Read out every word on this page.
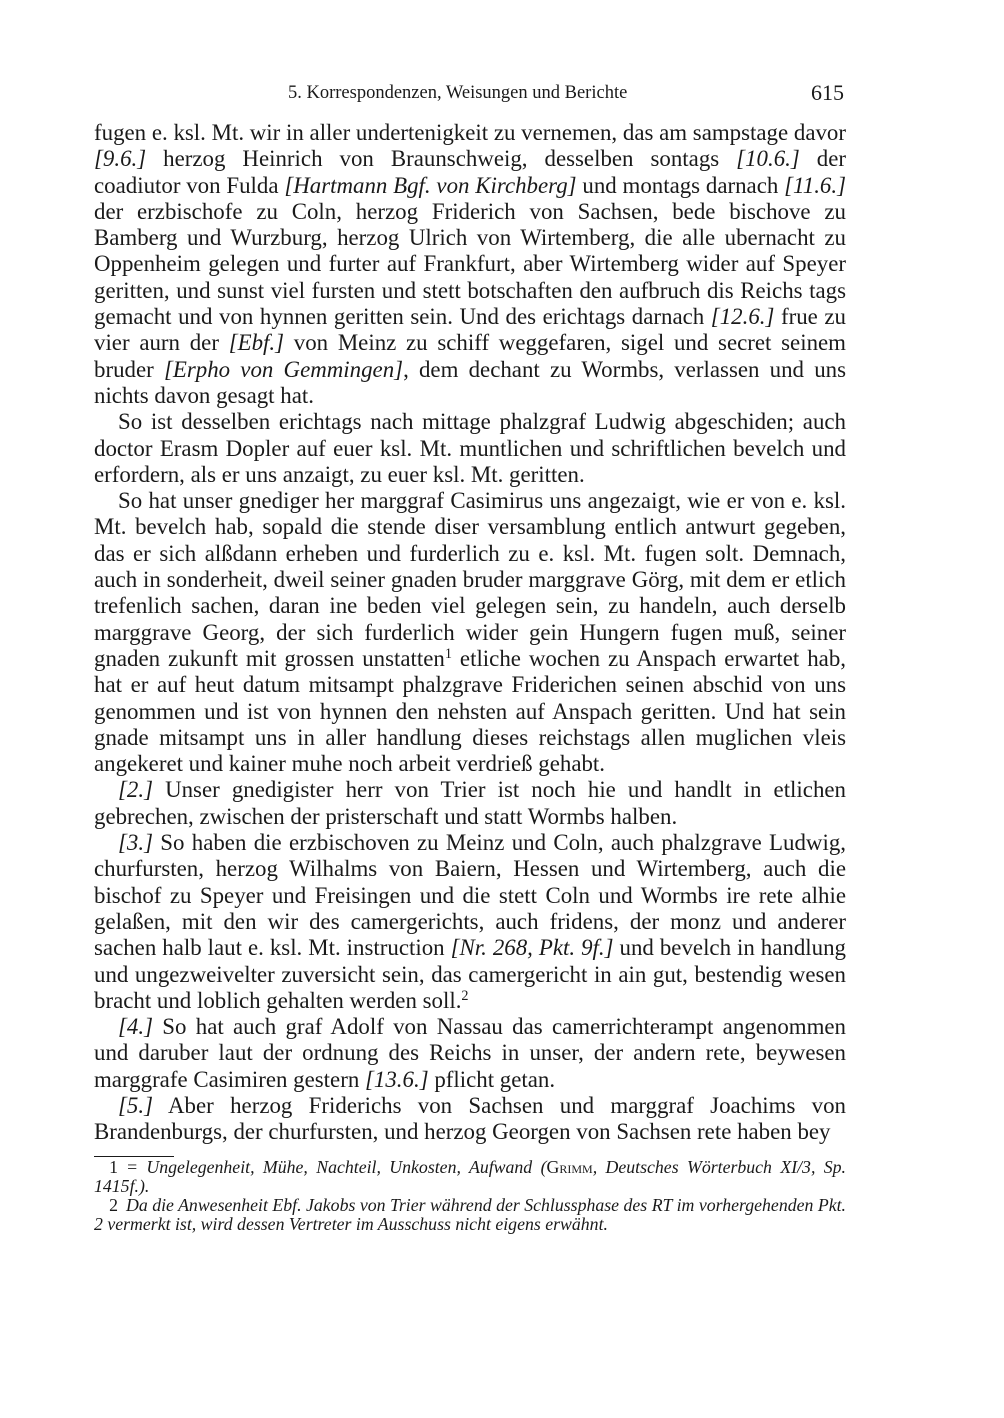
5. Korrespondenzen, Weisungen und Berichte	615

fugen e. ksl. Mt. wir in aller undertenigkeit zu vernemen, das am sampstage davor [9.6.] herzog Heinrich von Braunschweig, desselben sontags [10.6.] der coadiutor von Fulda [Hartmann Bgf. von Kirchberg] und montags darnach [11.6.] der erzbischofe zu Coln, herzog Friderich von Sachsen, bede bischove zu Bamberg und Wurzburg, herzog Ulrich von Wirtemberg, die alle ubernacht zu Oppenheim gelegen und furter auf Frankfurt, aber Wirtemberg wider auf Speyer geritten, und sunst viel fursten und stett botschaften den aufbruch dis Reichs tags gemacht und von hynnen geritten sein. Und des erichtags darnach [12.6.] frue zu vier aurn der [Ebf.] von Meinz zu schiff weggefaren, sigel und secret seinem bruder [Erpho von Gemmingen], dem dechant zu Wormbs, verlassen und uns nichts davon gesagt hat.

So ist desselben erichtags nach mittage phalzgraf Ludwig abgeschiden; auch doctor Erasm Dopler auf euer ksl. Mt. muntlichen und schriftlichen bevelch und erfordern, als er uns anzaigt, zu euer ksl. Mt. geritten.

So hat unser gnediger her marggraf Casimirus uns angezaigt, wie er von e. ksl. Mt. bevelch hab, sopald die stende diser versamblung entlich antwurt gegeben, das er sich alßdann erheben und furderlich zu e. ksl. Mt. fugen solt. Demnach, auch in sonderheit, dweil seiner gnaden bruder marggrave Görg, mit dem er etlich trefenlich sachen, daran ine beden viel gelegen sein, zu handeln, auch derselb marggrave Georg, der sich furderlich wider gein Hungern fugen muß, seiner gnaden zukunft mit grossen unstatten$^1$ etliche wochen zu Anspach erwartet hab, hat er auf heut datum mitsampt phalzgrave Friderichen seinen abschid von uns genommen und ist von hynnen den nehsten auf Anspach geritten. Und hat sein gnade mitsampt uns in aller handlung dieses reichstags allen muglichen vleis angekeret und kainer muhe noch arbeit verdrieß gehabt.

[2.] Unser gnedigister herr von Trier ist noch hie und handlt in etlichen gebrechen, zwischen der pristerschaft und statt Wormbs halben.

[3.] So haben die erzbischoven zu Meinz und Coln, auch phalzgrave Ludwig, churfursten, herzog Wilhalms von Baiern, Hessen und Wirtemberg, auch die bischof zu Speyer und Freisingen und die stett Coln und Wormbs ire rete alhie gelaßen, mit den wir des camergerichts, auch fridens, der monz und anderer sachen halb laut e. ksl. Mt. instruction [Nr. 268, Pkt. 9f.] und bevelch in handlung und ungezweivelter zuversicht sein, das camergericht in ain gut, bestendig wesen bracht und loblich gehalten werden soll.$^2$

[4.] So hat auch graf Adolf von Nassau das camerrichterampt angenommen und daruber laut der ordnung des Reichs in unser, der andern rete, beywesen marggrafe Casimiren gestern [13.6.] pflicht getan.

[5.] Aber herzog Friderichs von Sachsen und marggraf Joachims von Brandenburgs, der churfursten, und herzog Georgen von Sachsen rete haben bey

1 = Ungelegenheit, Mühe, Nachteil, Unkosten, Aufwand (Grimm, Deutsches Wörterbuch XI/3, Sp. 1415f.).

2 Da die Anwesenheit Ebf. Jakobs von Trier während der Schlussphase des RT im vorhergehenden Pkt. 2 vermerkt ist, wird dessen Vertreter im Ausschuss nicht eigens erwähnt.
